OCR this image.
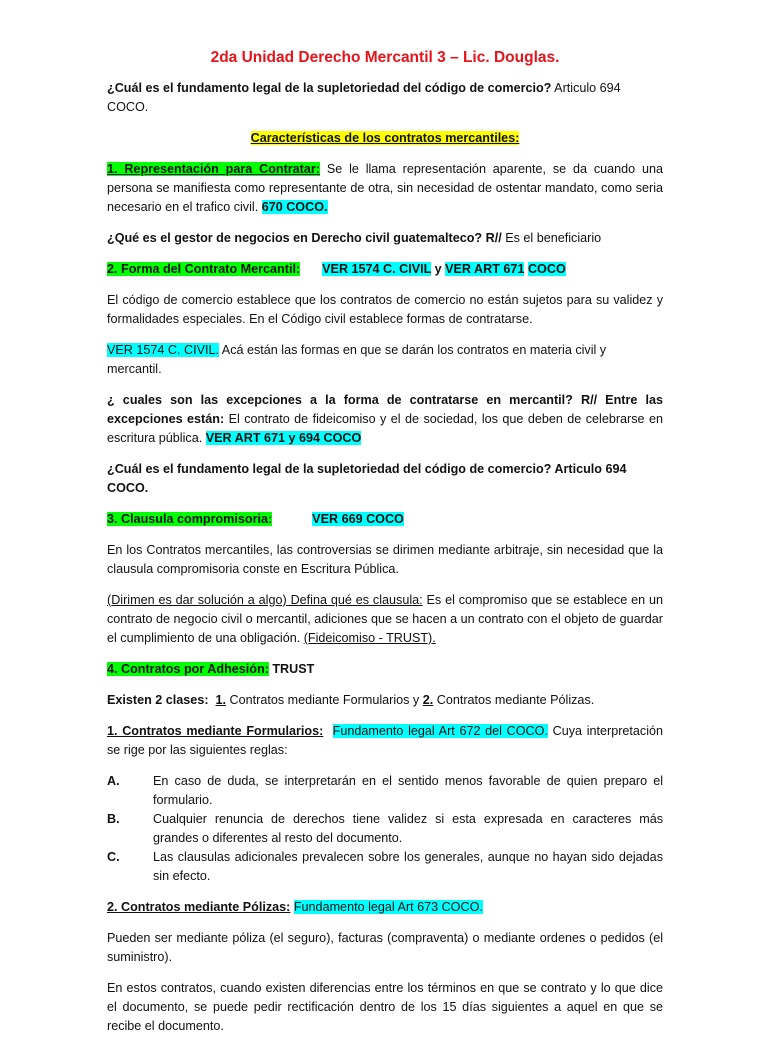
2da Unidad Derecho Mercantil 3 – Lic. Douglas.

¿Cuál es el fundamento legal de la supletoriedad del código de comercio? Articulo 694 COCO.

Características de los contratos mercantiles:

1. Representación para Contratar: Se le llama representación aparente, se da cuando una persona se manifiesta como representante de otra, sin necesidad de ostentar mandato, como seria necesario en el trafico civil. 670 COCO.

¿Qué es el gestor de negocios en Derecho civil guatemalteco? R// Es el beneficiario

2. Forma del Contrato Mercantil: VER 1574 C. CIVIL y VER ART 671 COCO

El código de comercio establece que los contratos de comercio no están sujetos para su validez y formalidades especiales. En el Código civil establece formas de contratarse.

VER 1574 C. CIVIL. Acá están las formas en que se darán los contratos en materia civil y mercantil.

¿ cuales son las excepciones a la forma de contratarse en mercantil? R// Entre las excepciones están: El contrato de fideicomiso y el de sociedad, los que deben de celebrarse en escritura pública. VER ART 671 y 694 COCO

¿Cuál es el fundamento legal de la supletoriedad del código de comercio? Articulo 694 COCO.

3. Clausula compromisoria:	VER 669 COCO

En los Contratos mercantiles, las controversias se dirimen mediante arbitraje, sin necesidad que la clausula compromisoria conste en Escritura Pública.

(Dirimen es dar solución a algo) Defina qué es clausula: Es el compromiso que se establece en un contrato de negocio civil o mercantil, adiciones que se hacen a un contrato con el objeto de guardar el cumplimiento de una obligación. (Fideicomiso - TRUST).

4. Contratos por Adhesión: TRUST

Existen 2 clases: 1. Contratos mediante Formularios y 2. Contratos mediante Pólizas.

1. Contratos mediante Formularios: Fundamento legal Art 672 del COCO. Cuya interpretación se rige por las siguientes reglas:

A.	En caso de duda, se interpretarán en el sentido menos favorable de quien preparo el formulario.
B.	Cualquier renuncia de derechos tiene validez si esta expresada en caracteres más grandes o diferentes al resto del documento.
C.	Las clausulas adicionales prevalecen sobre los generales, aunque no hayan sido dejadas sin efecto.

2. Contratos mediante Pólizas: Fundamento legal Art 673 COCO.

Pueden ser mediante póliza (el seguro), facturas (compraventa) o mediante ordenes o pedidos (el suministro).

En estos contratos, cuando existen diferencias entre los términos en que se contrato y lo que dice el documento, se puede pedir rectificación dentro de los 15 días siguientes a aquel en que se recibe el documento.
